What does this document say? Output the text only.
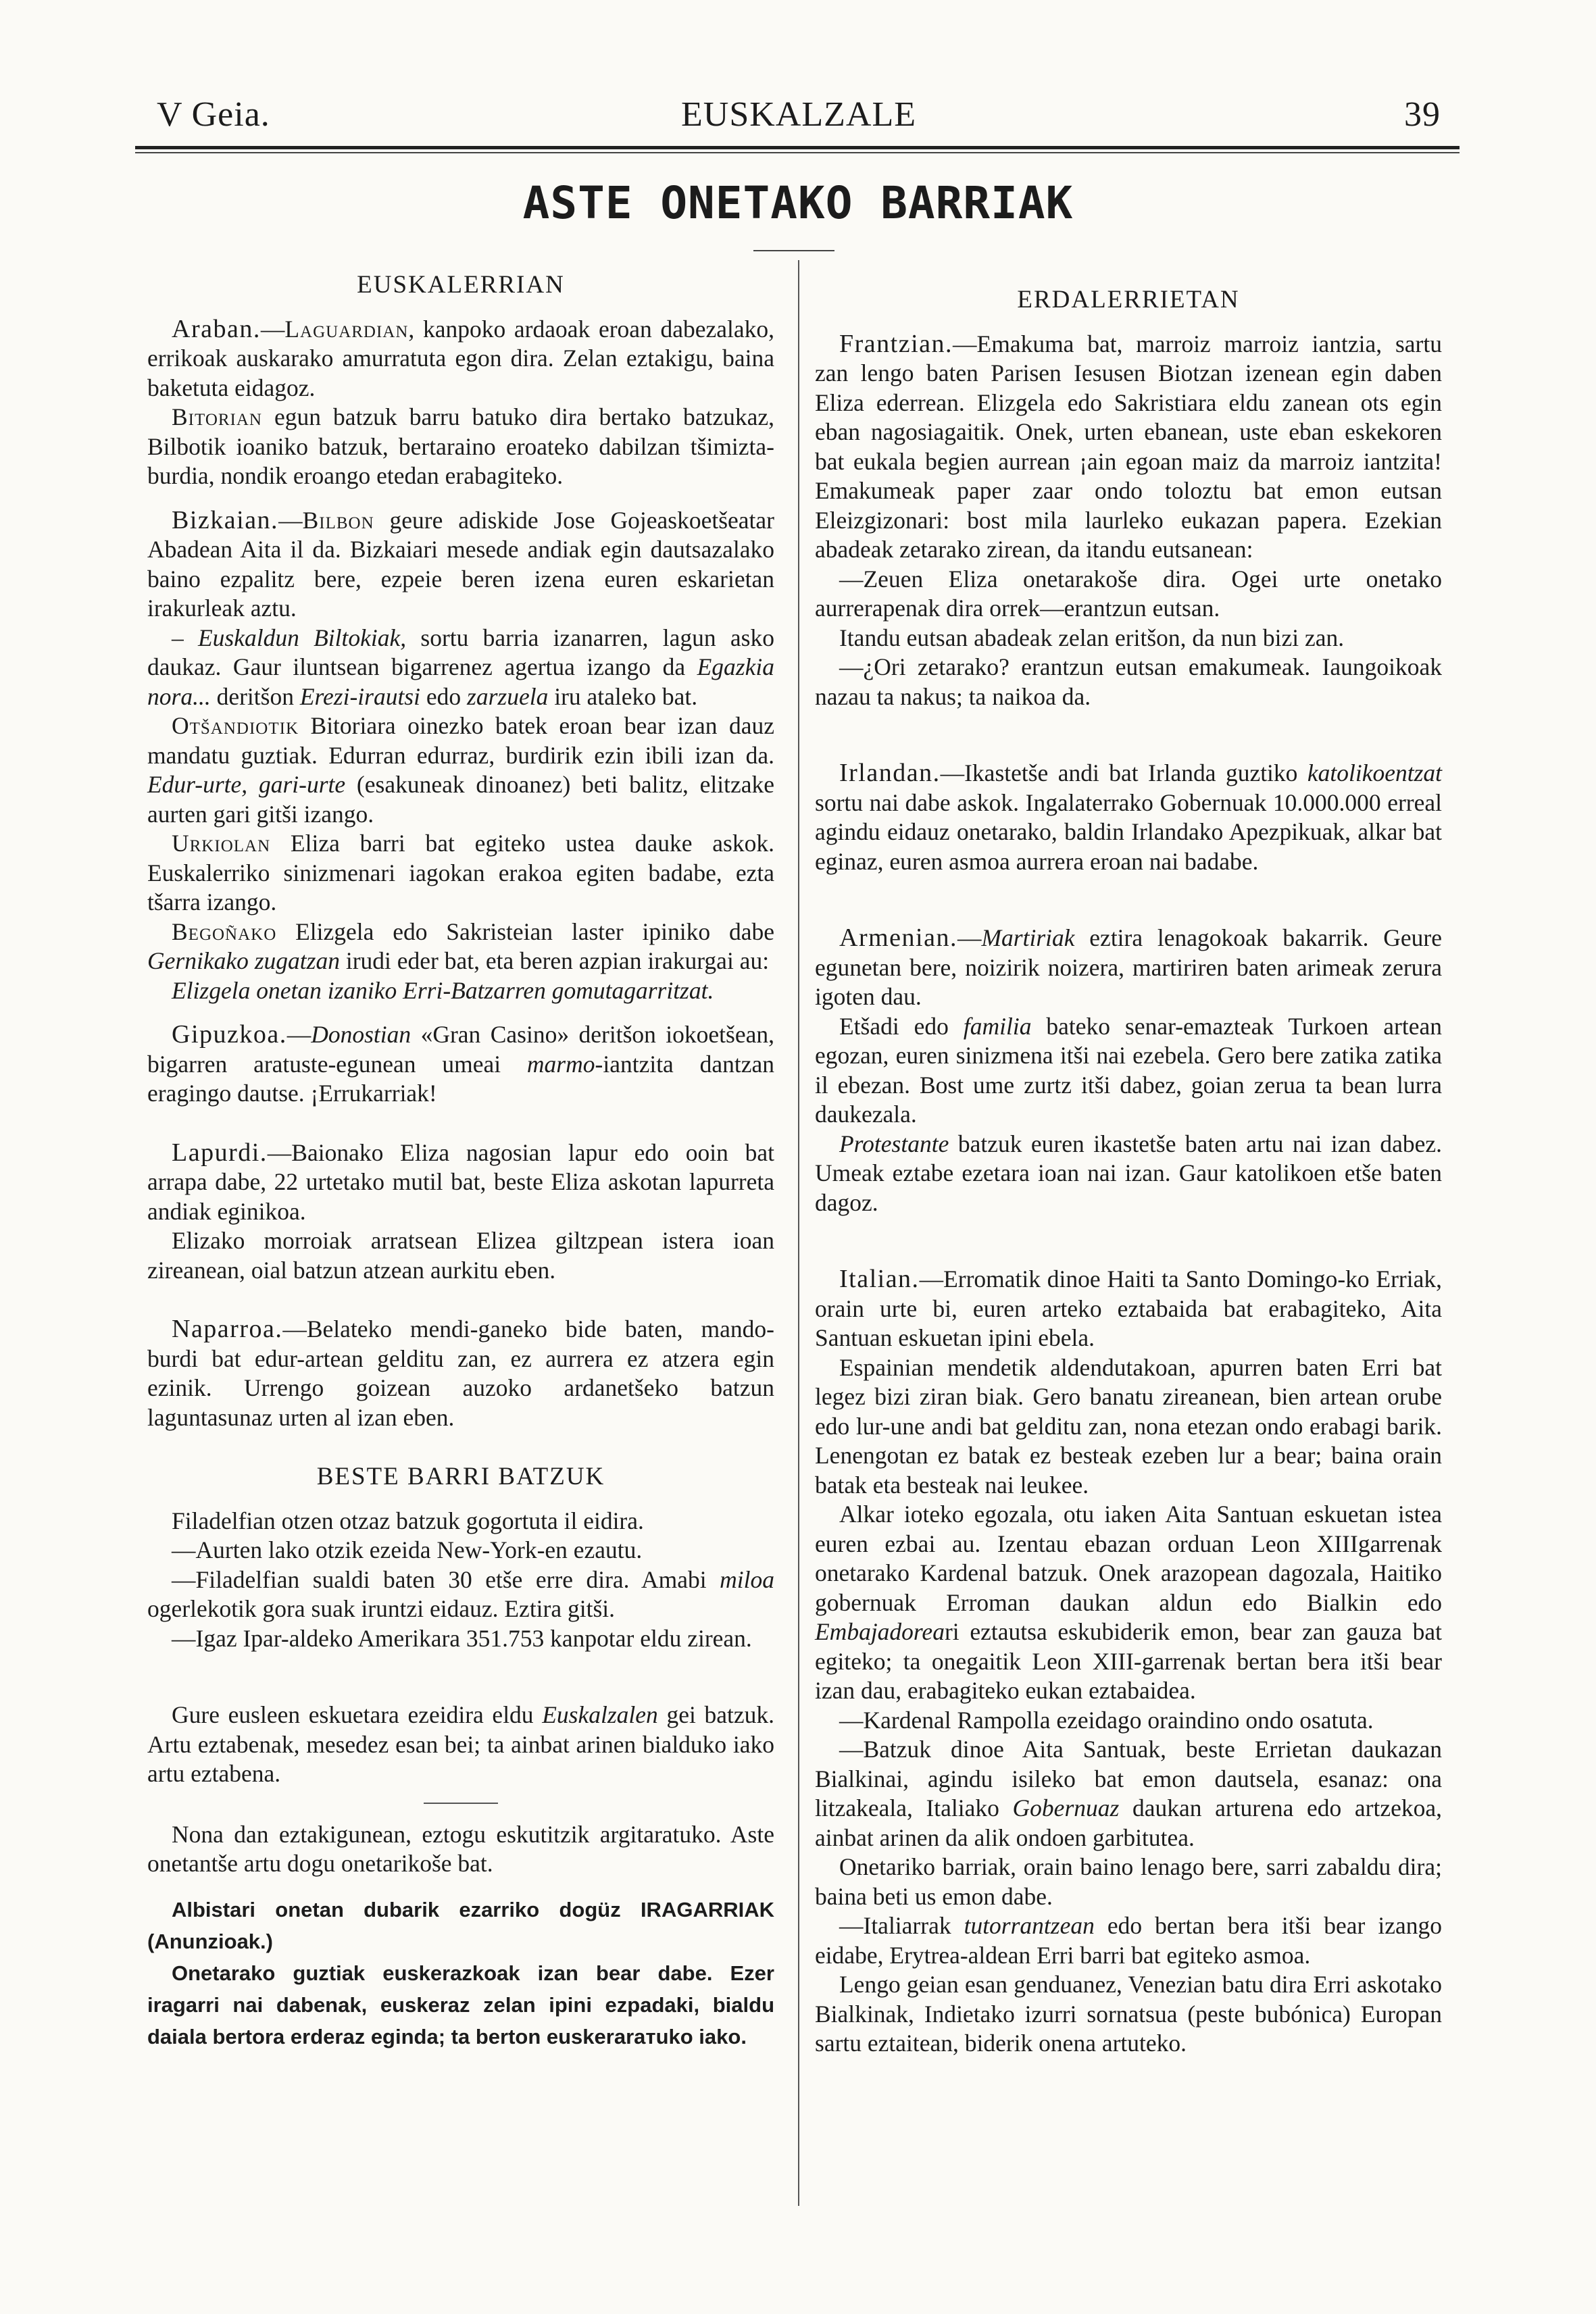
V Geia.	EUSKALZALE	39
ASTE ONETAKO BARRIAK
EUSKALERRIAN

Araban.—Laguardian, kanpoko ardaoak eroan dabezalako, errikoak auskarako amurratuta egon dira. Zelan eztakigu, baina baketuta eidagoz.

Bitorian egun batzuk barru batuko dira bertako batzukaz, Bilbotik ioaniko batzuk, bertaraino eroateko dabilzan tšimizta-burdia, nondik eroango etedan erabagiteko.

Bizkaian.—Bilbon geure adiskide Jose Gojeaskoetšeatar Abadean Aita il da. Bizkaiari mesede andiak egin dautsazalako baino ezpalitz bere, ezpeie beren izena euren eskarietan irakurleak aztu.

– Euskaldun Biltokiak, sortu barria izanarren, lagun asko daukaz. Gaur iluntsean bigarrenez agertua izango da Egazkia nora... deritšon Erezi-irautsi edo zarzuela iru ataleko bat.

Otšandiotik Bitoriara oinezko batek eroan bear izan dauz mandatu guztiak. Edurran edurraz, burdirik ezin ibili izan da. Edur-urte, gari-urte (esakuneak dinoanez) beti balitz, elitzake aurten gari gitši izango.

Urkiolan Eliza barri bat egiteko ustea dauke askok. Euskalerriko sinizmenari iagokan erakoa egiten badabe, ezta tšarra izango.

Begoñako Elizgela edo Sakristeian laster ipiniko dabe Gernikako zugatzan irudi eder bat, eta beren azpian irakurgai au:

Elizgela onetan izaniko Erri-Batzarren gomutagarritzat.

Gipuzkoa.—Donostian «Gran Casino» deritšon iokoetšean, bigarren aratuste-egunean umeai marmo-iantzita dantzan eragingo dautse. ¡Errukarriak!

Lapurdi.—Baionako Eliza nagosian lapur edo ooin bat arrapa dabe, 22 urtetako mutil bat, beste Eliza askotan lapurreta andiak eginikoa.

Elizako morroiak arratsean Elizea giltzpean istera ioan zireanean, oial batzun atzean aurkitu eben.

Naparroa.—Belateko mendi-ganeko bide baten, mando-burdi bat edur-artean gelditu zan, ez aurrera ez atzera egin ezinik. Urrengo goizean auzoko ardanetšeko batzun laguntasunaz urten al izan eben.

BESTE BARRI BATZUK

Filadelfian otzen otzaz batzuk gogortuta il eidira.

—Aurten lako otzik ezeida New-York-en ezautu.

—Filadelfian sualdi baten 30 etše erre dira. Amabi miloa ogerlekotik gora suak iruntzi eidauz. Eztira gitši.

—Igaz Ipar-aldeko Amerikara 351.753 kanpotar eldu zirean.

Gure eusleen eskuetara ezeidira eldu Euskalzalen gei batzuk. Artu eztabenak, mesedez esan bei; ta ainbat arinen bialduko iako artu eztabena.

Nona dan eztakigunean, eztogu eskutitzik argitaratuko. Aste onetantše artu dogu onetarikoše bat.

Albistari onetan dubarik ezarriko dogüz IRAGARRIAK (Anunzioak.)

Onetarako guztiak euskerazkoak izan bear dabe. Ezer iragarri nai dabenak, euskeraz zelan ipini ezpadaki, bialdu daiala bertora erderaz eginda; ta berton euskerarатuko iako.

ERDALERRIETAN

Frantzian.—Emakuma bat, marroiz marroiz iantzia, sartu zan lengo baten Parisen Iesusen Biotzan izenean egin daben Eliza ederrean. Elizgela edo Sakristiara eldu zanean ots egin eban nagosiagaitik. Onek, urten ebanean, uste eban eskekoren bat eukala begien aurrean ¡ain egoan maiz da marroiz iantzita! Emakumeak paper zaar ondo toloztu bat emon eutsan Eleizgizonari: bost mila laurleko eukazan papera. Ezekian abadeak zetarako zirean, da itandu eutsanean:

—Zeuen Eliza onetarakoše dira. Ogei urte onetako aurrerapenak dira orrek—erantzun eutsan.

Itandu eutsan abadeak zelan eritšon, da nun bizi zan.

—¿Ori zetarako? erantzun eutsan emakumeak. Iaungoikoak nazau ta nakus; ta naikoa da.

Irlandan.—Ikastetše andi bat Irlanda guztiko katolikoentzat sortu nai dabe askok. Ingalaterrako Gobernuak 10.000.000 erreal agindu eidauz onetarako, baldin Irlandako Apezpikuak, alkar bat eginaz, euren asmoa aurrera eroan nai badabe.

Armenian.—Martiriak eztira lenagokoak bakarrik. Geure egunetan bere, noizirik noizera, martiriren baten arimeak zerura igoten dau.

Etšadi edo familia bateko senar-emazteak Turkoen artean egozan, euren sinizmena itši nai ezebela. Gero bere zatika zatika il ebezan. Bost ume zurtz itši dabez, goian zerua ta bean lurra daukezala.

Protestante batzuk euren ikastetše baten artu nai izan dabez. Umeak eztabe ezetara ioan nai izan. Gaur katolikoen etše baten dagoz.

Italian.—Erromatik dinoe Haiti ta Santo Domingo-ko Erriak, orain urte bi, euren arteko eztabaida bat erabagiteko, Aita Santuan eskuetan ipini ebela.

Espainian mendetik aldendutakoan, apurren baten Erri bat legez bizi ziran biak. Gero banatu zireanean, bien artean orube edo lur-une andi bat gelditu zan, nona etezan ondo erabagi barik. Lenengotan ez batak ez besteak ezeben lur a bear; baina orain batak eta besteak nai leukee.

Alkar ioteko egozala, otu iaken Aita Santuan eskuetan istea euren ezbai au. Izentau ebazan orduan Leon XIIIgarrenak onetarako Kardenal batzuk. Onek arazopean dagozala, Haitiko gobernuak Erroman daukan aldun edo Bialkin edo Embajadoreari eztautsa eskubiderik emon, bear zan gauza bat egiteko; ta onegaitik Leon XIII-garrenak bertan bera itši bear izan dau, erabagiteko eukan eztabaidea.

—Kardenal Rampolla ezeidago oraindino ondo osatuta.

—Batzuk dinoe Aita Santuak, beste Errietan daukazan Bialkinai, agindu isileko bat emon dautsela, esanaz: ona litzakeala, Italiako Gobernuaz daukan arturena edo artzekoa, ainbat arinen da alik ondoen garbitutea.

Onetariko barriak, orain baino lenago bere, sarri zabaldu dira; baina beti us emon dabe.

—Italiarrak tutorrantzean edo bertan bera itši bear izango eidabe, Erytrea-aldean Erri barri bat egiteko asmoa.

Lengo geian esan genduanez, Venezian batu dira Erri askotako Bialkinak, Indietako izurri sornatsua (peste bubónica) Europan sartu eztaitean, biderik onena artuteko.
